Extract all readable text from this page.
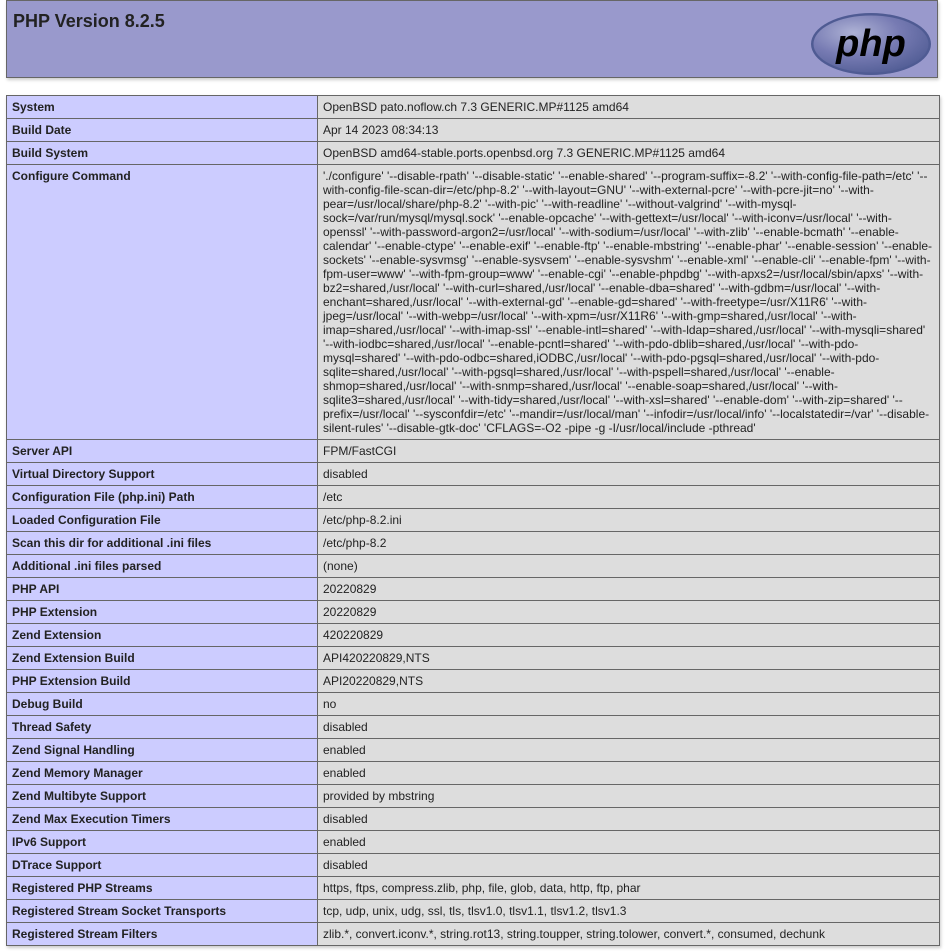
PHP Version 8.2.5
php
System	OpenBSD pato.noflow.ch 7.3 GENERIC.MP#1125 amd64
Build Date	Apr 14 2023 08:34:13
Build System	OpenBSD amd64-stable.ports.openbsd.org 7.3 GENERIC.MP#1125 amd64
Configure Command	'./configure' '--disable-rpath' '--disable-static' '--enable-shared' '--program-suffix=-8.2' '--with-config-file-path=/etc' '--with-config-file-scan-dir=/etc/php-8.2' '--with-layout=GNU' '--with-external-pcre' '--with-pcre-jit=no' '--with-pear=/usr/local/share/php-8.2' '--with-pic' '--with-readline' '--without-valgrind' '--with-mysql-sock=/var/run/mysql/mysql.sock' '--enable-opcache' '--with-gettext=/usr/local' '--with-iconv=/usr/local' '--with-openssl' '--with-password-argon2=/usr/local' '--with-sodium=/usr/local' '--with-zlib' '--enable-bcmath' '--enable-calendar' '--enable-ctype' '--enable-exif' '--enable-ftp' '--enable-mbstring' '--enable-phar' '--enable-session' '--enable-sockets' '--enable-sysvmsg' '--enable-sysvsem' '--enable-sysvshm' '--enable-xml' '--enable-cli' '--enable-fpm' '--with-fpm-user=www' '--with-fpm-group=www' '--enable-cgi' '--enable-phpdbg' '--with-apxs2=/usr/local/sbin/apxs' '--with-bz2=shared,/usr/local' '--with-curl=shared,/usr/local' '--enable-dba=shared' '--with-gdbm=/usr/local' '--with-enchant=shared,/usr/local' '--with-external-gd' '--enable-gd=shared' '--with-freetype=/usr/X11R6' '--with-jpeg=/usr/local' '--with-webp=/usr/local' '--with-xpm=/usr/X11R6' '--with-gmp=shared,/usr/local' '--with-imap=shared,/usr/local' '--with-imap-ssl' '--enable-intl=shared' '--with-ldap=shared,/usr/local' '--with-mysqli=shared' '--with-iodbc=shared,/usr/local' '--enable-pcntl=shared' '--with-pdo-dblib=shared,/usr/local' '--with-pdo-mysql=shared' '--with-pdo-odbc=shared,iODBC,/usr/local' '--with-pdo-pgsql=shared,/usr/local' '--with-pdo-sqlite=shared,/usr/local' '--with-pgsql=shared,/usr/local' '--with-pspell=shared,/usr/local' '--enable-shmop=shared,/usr/local' '--with-snmp=shared,/usr/local' '--enable-soap=shared,/usr/local' '--with-sqlite3=shared,/usr/local' '--with-tidy=shared,/usr/local' '--with-xsl=shared' '--enable-dom' '--with-zip=shared' '--prefix=/usr/local' '--sysconfdir=/etc' '--mandir=/usr/local/man' '--infodir=/usr/local/info' '--localstatedir=/var' '--disable-silent-rules' '--disable-gtk-doc' 'CFLAGS=-O2 -pipe -g -I/usr/local/include -pthread'
Server API	FPM/FastCGI
Virtual Directory Support	disabled
Configuration File (php.ini) Path	/etc
Loaded Configuration File	/etc/php-8.2.ini
Scan this dir for additional .ini files	/etc/php-8.2
Additional .ini files parsed	(none)
PHP API	20220829
PHP Extension	20220829
Zend Extension	420220829
Zend Extension Build	API420220829,NTS
PHP Extension Build	API20220829,NTS
Debug Build	no
Thread Safety	disabled
Zend Signal Handling	enabled
Zend Memory Manager	enabled
Zend Multibyte Support	provided by mbstring
Zend Max Execution Timers	disabled
IPv6 Support	enabled
DTrace Support	disabled
Registered PHP Streams	https, ftps, compress.zlib, php, file, glob, data, http, ftp, phar
Registered Stream Socket Transports	tcp, udp, unix, udg, ssl, tls, tlsv1.0, tlsv1.1, tlsv1.2, tlsv1.3
Registered Stream Filters	zlib.*, convert.iconv.*, string.rot13, string.toupper, string.tolower, convert.*, consumed, dechunk
